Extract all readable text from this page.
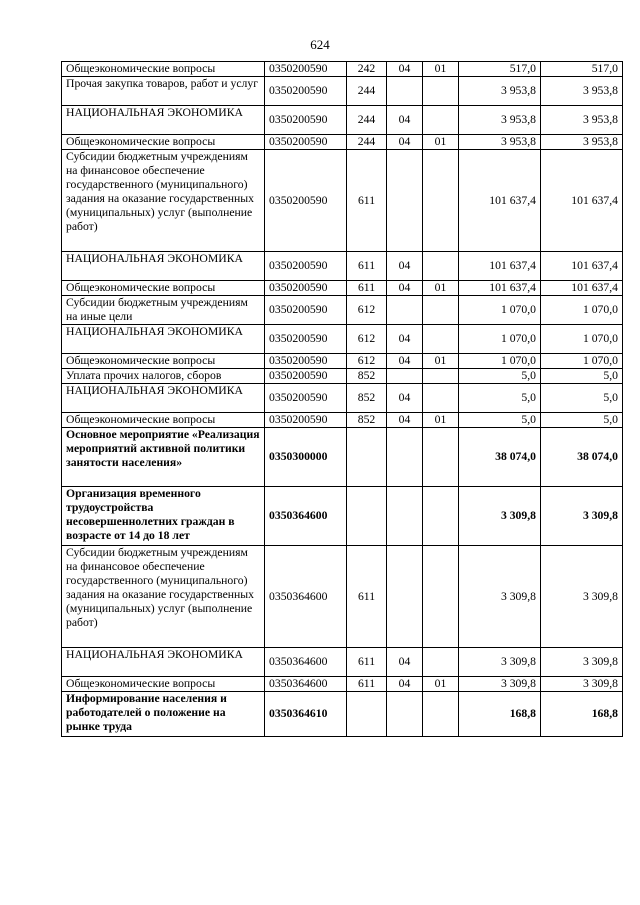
624
Общеэкономические вопросы	0350200590	242	04	01	517,0	517,0
Прочая закупка товаров, работ и услуг	0350200590	244			3 953,8	3 953,8
НАЦИОНАЛЬНАЯ ЭКОНОМИКА	0350200590	244	04		3 953,8	3 953,8
Общеэкономические вопросы	0350200590	244	04	01	3 953,8	3 953,8
Субсидии бюджетным учреждениям на финансовое обеспечение государственного (муниципального) задания на оказание государственных (муниципальных) услуг (выполнение работ)	0350200590	611			101 637,4	101 637,4
НАЦИОНАЛЬНАЯ ЭКОНОМИКА	0350200590	611	04		101 637,4	101 637,4
Общеэкономические вопросы	0350200590	611	04	01	101 637,4	101 637,4
Субсидии бюджетным учреждениям на иные цели	0350200590	612			1 070,0	1 070,0
НАЦИОНАЛЬНАЯ ЭКОНОМИКА	0350200590	612	04		1 070,0	1 070,0
Общеэкономические вопросы	0350200590	612	04	01	1 070,0	1 070,0
Уплата прочих налогов, сборов	0350200590	852			5,0	5,0
НАЦИОНАЛЬНАЯ ЭКОНОМИКА	0350200590	852	04		5,0	5,0
Общеэкономические вопросы	0350200590	852	04	01	5,0	5,0
Основное мероприятие «Реализация мероприятий активной политики занятости населения»	0350300000				38 074,0	38 074,0
Организация временного трудоустройства несовершеннолетних граждан в возрасте от 14 до 18 лет	0350364600				3 309,8	3 309,8
Субсидии бюджетным учреждениям на финансовое обеспечение государственного (муниципального) задания на оказание государственных (муниципальных) услуг (выполнение работ)	0350364600	611			3 309,8	3 309,8
НАЦИОНАЛЬНАЯ ЭКОНОМИКА	0350364600	611	04		3 309,8	3 309,8
Общеэкономические вопросы	0350364600	611	04	01	3 309,8	3 309,8
Информирование населения и работодателей о положение на рынке труда	0350364610				168,8	168,8
